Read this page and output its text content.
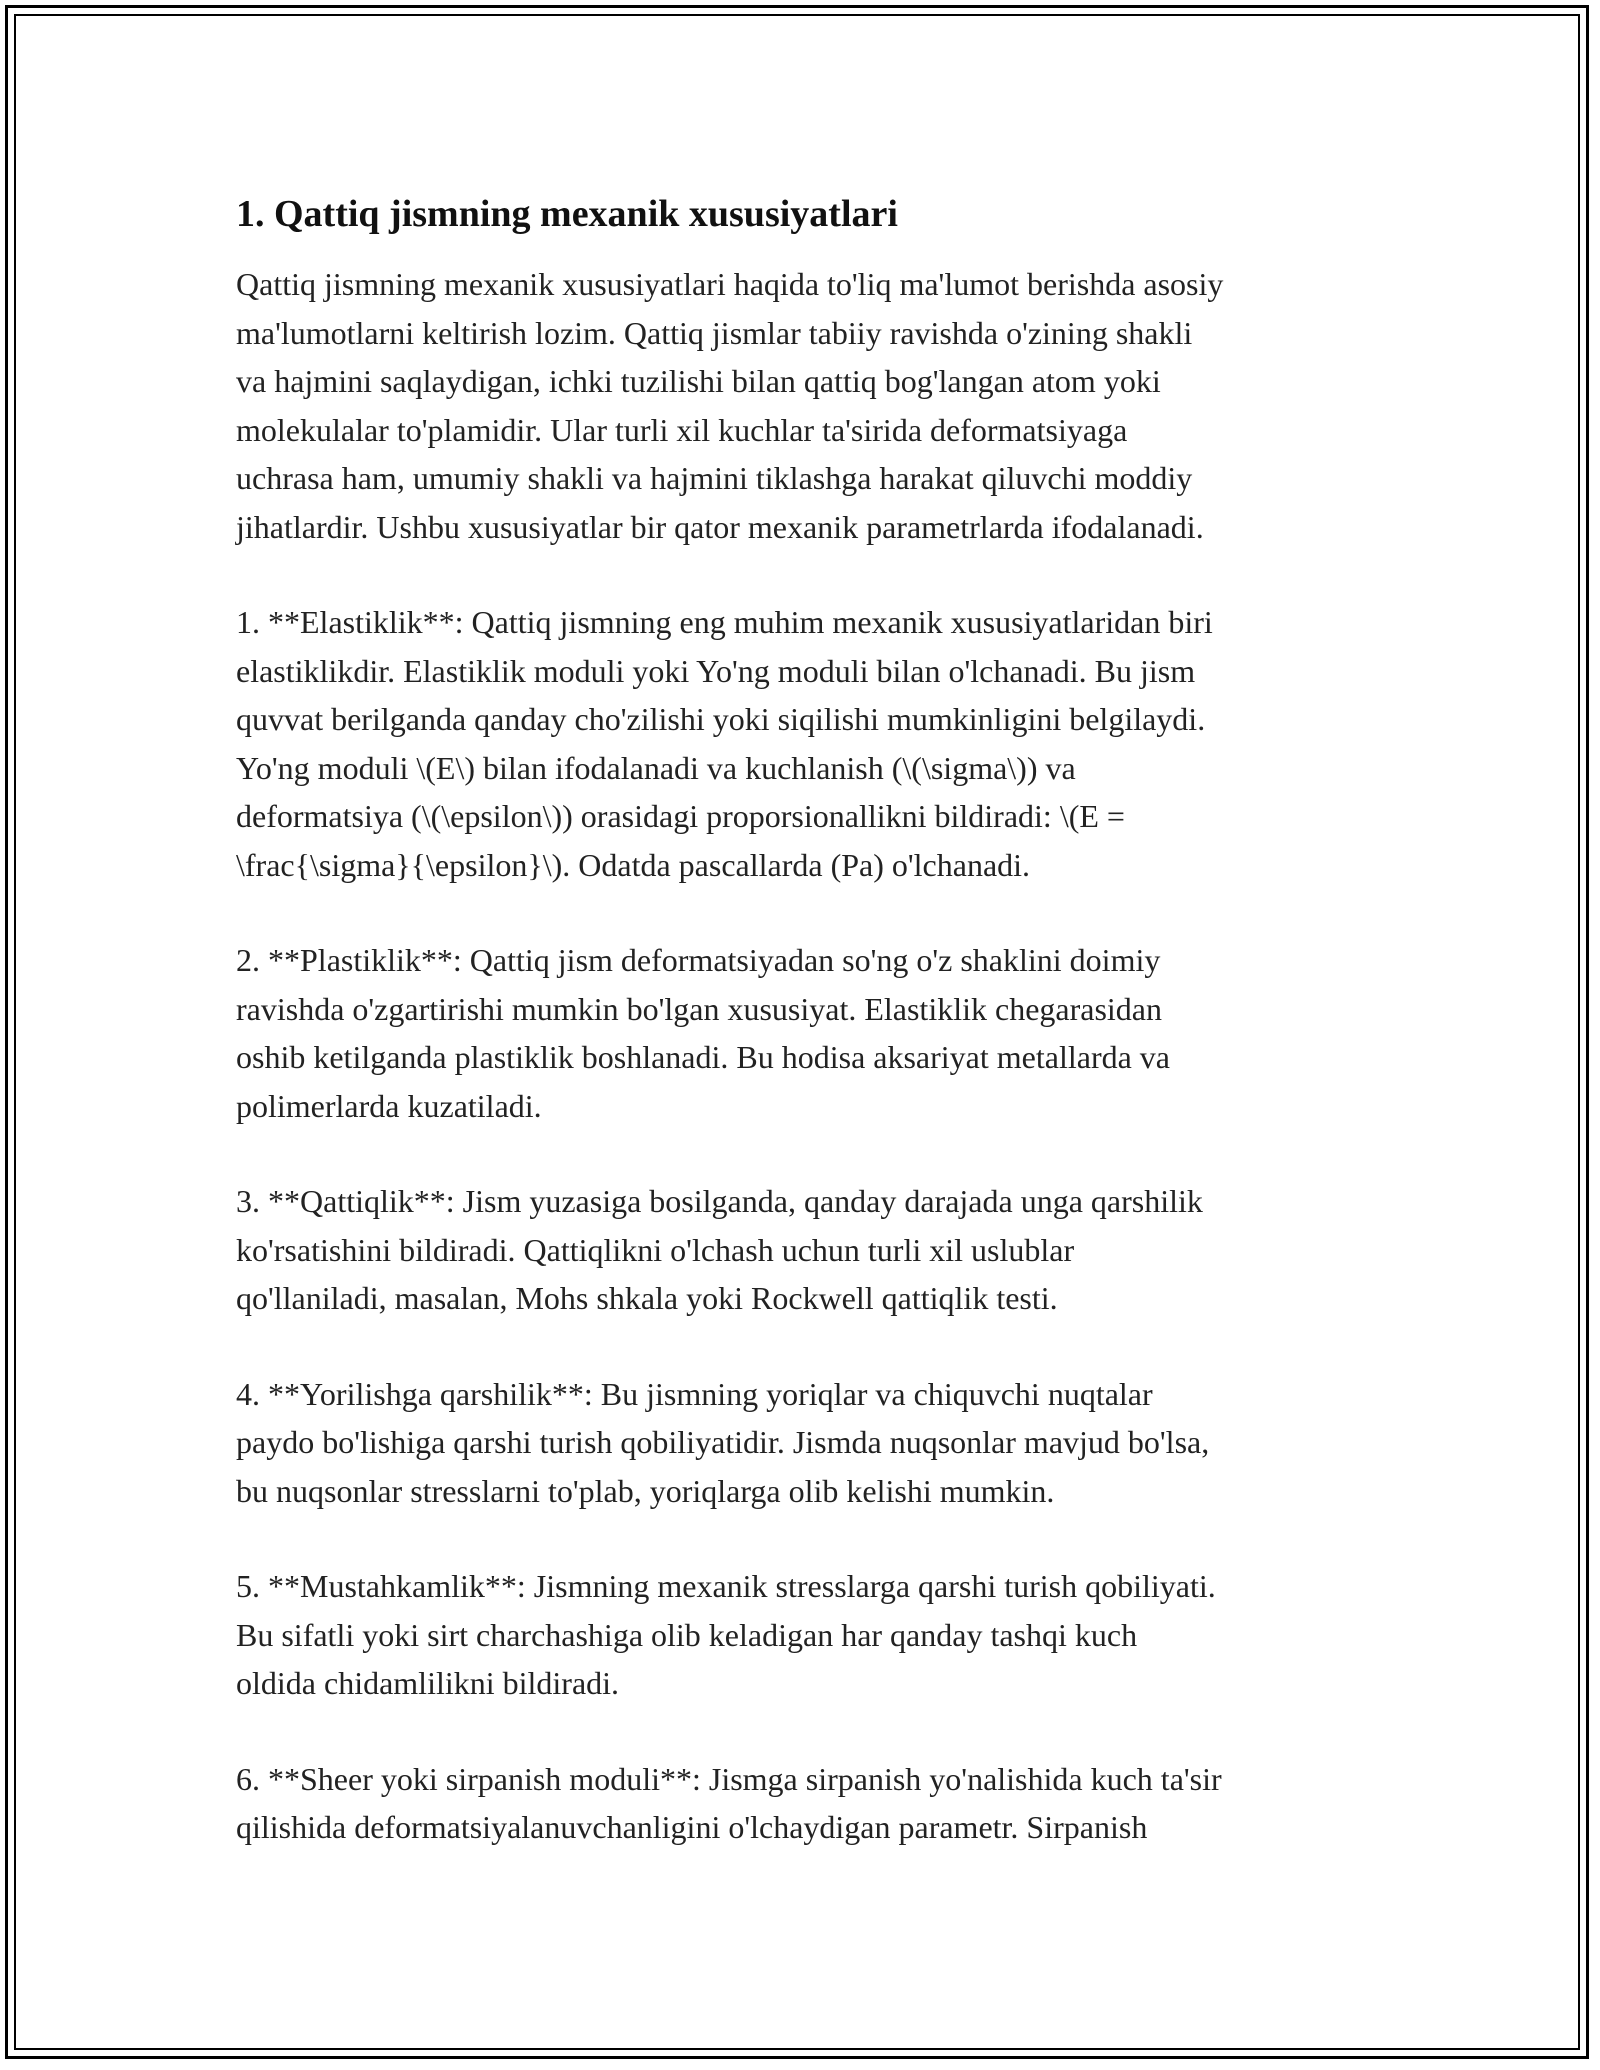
1. Qattiq jismning mexanik xususiyatlari

Qattiq jismning mexanik xususiyatlari haqida to'liq ma'lumot berishda asosiy
ma'lumotlarni keltirish lozim. Qattiq jismlar tabiiy ravishda o'zining shakli
va hajmini saqlaydigan, ichki tuzilishi bilan qattiq bog'langan atom yoki
molekulalar to'plamidir. Ular turli xil kuchlar ta'sirida deformatsiyaga
uchrasa ham, umumiy shakli va hajmini tiklashga harakat qiluvchi moddiy
jihatlardir. Ushbu xususiyatlar bir qator mexanik parametrlarda ifodalanadi.

1. **Elastiklik**: Qattiq jismning eng muhim mexanik xususiyatlaridan biri
elastiklikdir. Elastiklik moduli yoki Yo'ng moduli bilan o'lchanadi. Bu jism
quvvat berilganda qanday cho'zilishi yoki siqilishi mumkinligini belgilaydi.
Yo'ng moduli \(E\) bilan ifodalanadi va kuchlanish (\(\sigma\)) va
deformatsiya (\(\epsilon\)) orasidagi proporsionallikni bildiradi: \(E =
\frac{\sigma}{\epsilon}\). Odatda pascallarda (Pa) o'lchanadi.

2. **Plastiklik**: Qattiq jism deformatsiyadan so'ng o'z shaklini doimiy
ravishda o'zgartirishi mumkin bo'lgan xususiyat. Elastiklik chegarasidan
oshib ketilganda plastiklik boshlanadi. Bu hodisa aksariyat metallarda va
polimerlarda kuzatiladi.

3. **Qattiqlik**: Jism yuzasiga bosilganda, qanday darajada unga qarshilik
ko'rsatishini bildiradi. Qattiqlikni o'lchash uchun turli xil uslublar
qo'llaniladi, masalan, Mohs shkala yoki Rockwell qattiqlik testi.

4. **Yorilishga qarshilik**: Bu jismning yoriqlar va chiquvchi nuqtalar
paydo bo'lishiga qarshi turish qobiliyatidir. Jismda nuqsonlar mavjud bo'lsa,
bu nuqsonlar stresslarni to'plab, yoriqlarga olib kelishi mumkin.

5. **Mustahkamlik**: Jismning mexanik stresslarga qarshi turish qobiliyati.
Bu sifatli yoki sirt charchashiga olib keladigan har qanday tashqi kuch
oldida chidamlilikni bildiradi.

6. **Sheer yoki sirpanish moduli**: Jismga sirpanish yo'nalishida kuch ta'sir
qilishida deformatsiyalanuvchanligini o'lchaydigan parametr. Sirpanish
